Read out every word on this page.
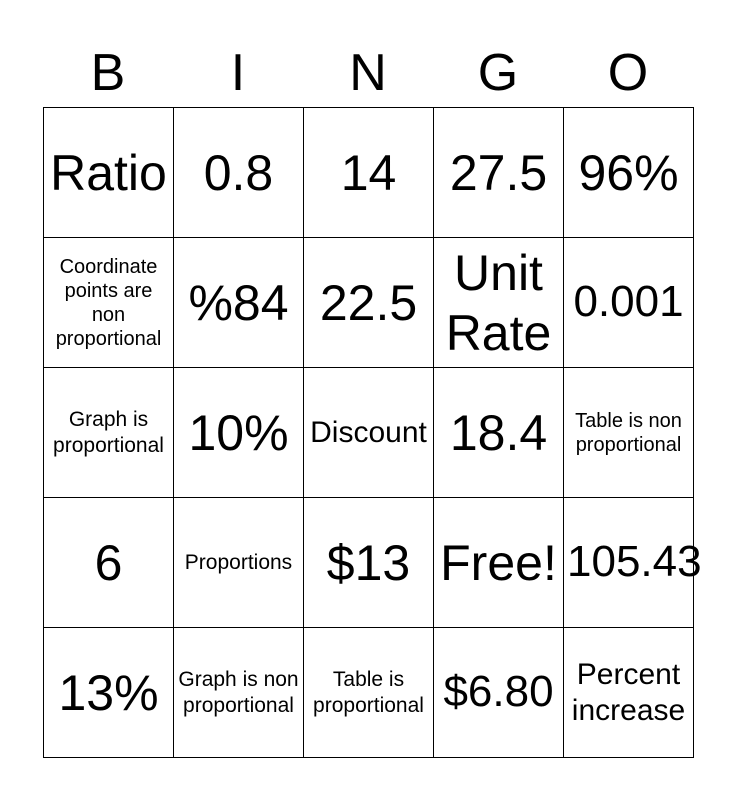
B	I	N	G	O
Ratio	0.8	14	27.5	96%
Coordinate points are non proportional	%84	22.5	Unit Rate	0.001
Graph is proportional	10%	Discount	18.4	Table is non proportional
6	Proportions	$13	Free!	105.43
13%	Graph is non proportional	Table is proportional	$6.80	Percent increase
